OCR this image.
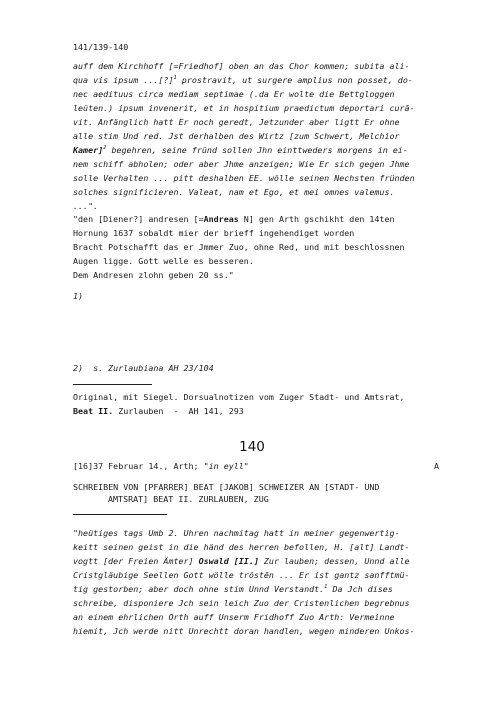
141/139-140
auff dem Kirchhoff [=Friedhof] oben an das Chor kommen; subita ali-
qua vis ipsum ...[?]$^1$ prostravit, ut surgere amplius non posset, do-
nec aedituus circa mediam septimae (.da Er wolte die Bettgloggen
leüten.) ipsum invenerit, et in hospitium praedictum deportari curā-
vit. Anfänglich hatt Er noch geredt, Jetzunder aber ligtt Er ohne
alle stim Und red. Jst derhalben des Wirtz [zum Schwert, Melchior
Kamer]$^2$ begehren, seine fründ sollen Jhn einttweders morgens in ei-
nem schiff abholen; oder aber Jhme anzeigen; Wie Er sich gegen Jhme
solle Verhalten ... pitt deshalben EE. wölle seinen Nechsten fründen
solches significieren. Valeat, nam et Ego, et mei omnes valemus.
...".
"den [Diener?] andresen [=Andreas N] gen Arth gschikht den 14ten
Hornung 1637 sobaldt mier der brieff ingehendiget worden
Bracht Potschafft das er Jmmer Zuo, ohne Red, und mit beschlossnen
Augen ligge. Gott welle es besseren.
Dem Andresen zlohn geben 20 ss."
1)
2)  s. Zurlaubiana AH 23/104
Original, mit Siegel. Dorsualnotizen vom Zuger Stadt- und Amtsrat,
Beat II. Zurlauben  -  AH 141, 293
140
[16]37 Februar 14., Arth; "in eyll"	A
SCHREIBEN VON [PFARRER] BEAT [JAKOB] SCHWEIZER AN [STADT- UND
AMTSRAT] BEAT II. ZURLAUBEN, ZUG
"heütiges tags Umb 2. Uhren nachmitag hatt in meiner gegenwertig-
keitt seinen geist in die händ des herren befollen, H. [alt] Landt-
vogtt [der Freien Ämter] Oswald [II.] Zur lauben; dessen, Unnd alle
Cristgläubige Seellen Gott wölle tröstēn ... Er ist gantz sanfftmü-
tig gestorben; aber doch ohne stim Unnd Verstandt.$^1$ Da Jch dises
schreibe, disponiere Jch sein leich Zuo der Cristenlichen begrebnus
an einem ehrlichen Orth auff Unserm Fridhoff Zuo Arth: Vermeinne
hiemit, Jch werde nitt Unrechtt doran handlen, wegen minderen Unkos-
